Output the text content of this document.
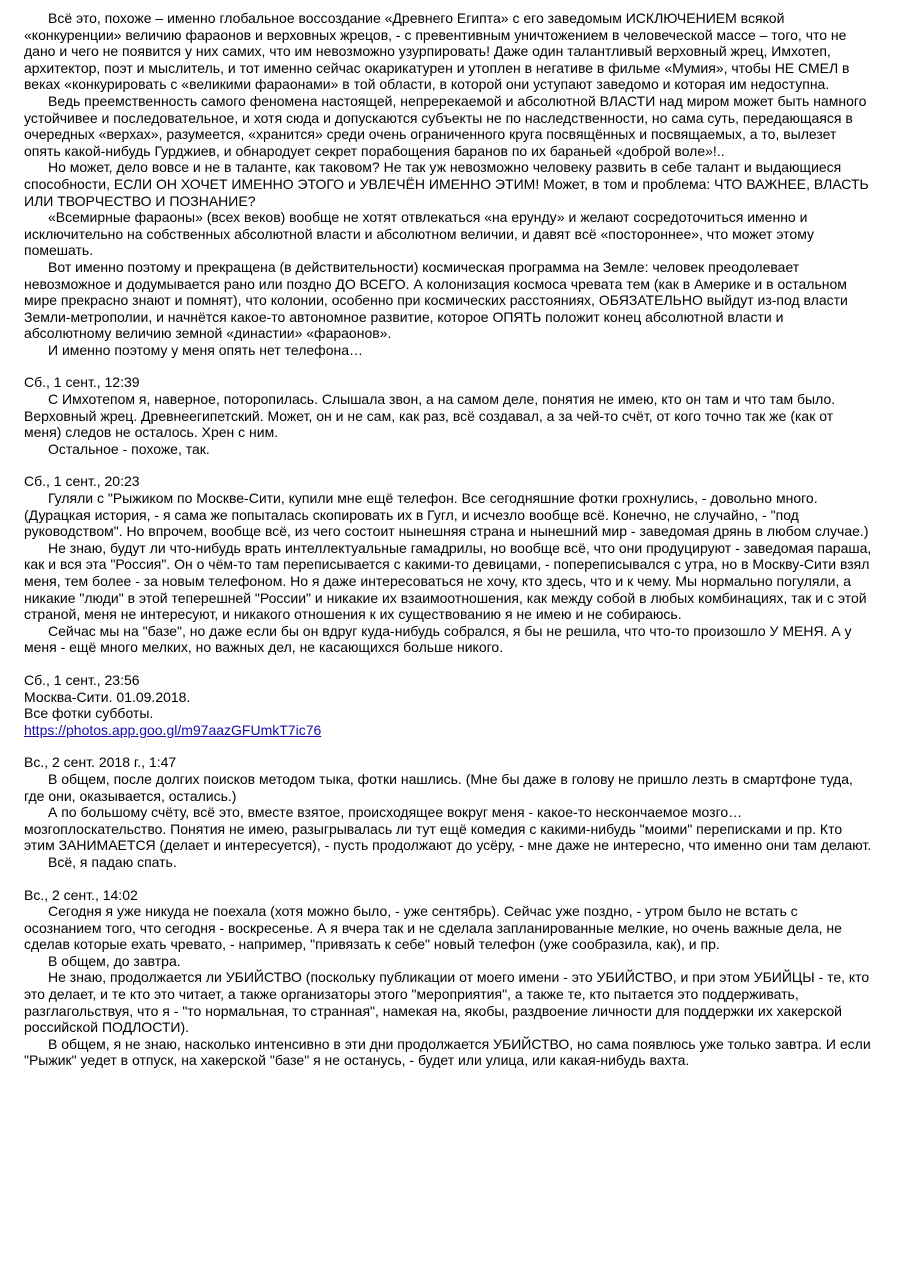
Всё это, похоже – именно глобальное воссоздание «Древнего Египта» с его заведомым ИСКЛЮЧЕНИЕМ всякой «конкуренции» величию фараонов и верховных жрецов, - с превентивным уничтожением в человеческой массе – того, что не дано и чего не появится у них самих, что им невозможно узурпировать! Даже один талантливый верховный жрец, Имхотеп, архитектор, поэт и мыслитель, и тот именно сейчас окарикатурен и утоплен в негативе в фильме «Мумия», чтобы НЕ СМЕЛ в веках «конкурировать с «великими фараонами» в той области, в которой они уступают заведомо и которая им недоступна.

Ведь преемственность самого феномена настоящей, непререкаемой и абсолютной ВЛАСТИ над миром может быть намного устойчивее и последовательное, и хотя сюда и допускаются субъекты не по наследственности, но сама суть, передающаяся в очередных «верхах», разумеется, «хранится» среди очень ограниченного круга посвящённых и посвящаемых, а то, вылезет опять какой-нибудь Гурджиев, и обнародует секрет порабощения баранов по их бараньей «доброй воле»!..

Но может, дело вовсе и не в таланте, как таковом? Не так уж невозможно человеку развить в себе талант и выдающиеся способности, ЕСЛИ ОН ХОЧЕТ ИМЕННО ЭТОГО и УВЛЕЧЁН ИМЕННО ЭТИМ! Может, в том и проблема: ЧТО ВАЖНЕЕ, ВЛАСТЬ ИЛИ ТВОРЧЕСТВО И ПОЗНАНИЕ?

«Всемирные фараоны» (всех веков) вообще не хотят отвлекаться «на ерунду» и желают сосредоточиться именно и исключительно на собственных абсолютной власти и абсолютном величии, и давят всё «постороннее», что может этому помешать.

Вот именно поэтому и прекращена (в действительности) космическая программа на Земле: человек преодолевает невозможное и додумывается рано или поздно ДО ВСЕГО. А колонизация космоса чревата тем (как в Америке и в остальном мире прекрасно знают и помнят), что колонии, особенно при космических расстояниях, ОБЯЗАТЕЛЬНО выйдут из-под власти Земли-метрополии, и начнётся какое-то автономное развитие, которое ОПЯТЬ положит конец абсолютной власти и абсолютному величию земной «династии» «фараонов».

И именно поэтому у меня опять нет телефона…

Сб., 1 сент., 12:39

С Имхотепом я, наверное, поторопилась. Слышала звон, а на самом деле, понятия не имею, кто он там и что там было. Верховный жрец. Древнеегипетский. Может, он и не сам, как раз, всё создавал, а за чей-то счёт, от кого точно так же (как от меня) следов не осталось. Хрен с ним.

Остальное - похоже, так.

Сб., 1 сент., 20:23

Гуляли с "Рыжиком по Москве-Сити, купили мне ещё телефон. Все сегодняшние фотки грохнулись, - довольно много. (Дурацкая история, - я сама же попыталась скопировать их в Гугл, и исчезло вообще всё. Конечно, не случайно, - "под руководством". Но впрочем, вообще всё, из чего состоит нынешняя страна и нынешний мир - заведомая дрянь в любом случае.)

Не знаю, будут ли что-нибудь врать интеллектуальные гамадрилы, но вообще всё, что они продуцируют - заведомая параша, как и вся эта "Россия". Он о чём-то там переписывается с какими-то девицами, - попереписывался с утра, но в Москву-Сити взял меня, тем более - за новым телефоном. Но я даже интересоваться не хочу, кто здесь, что и к чему. Мы нормально погуляли, а никакие "люди" в этой теперешней "России" и никакие их взаимоотношения, как между собой в любых комбинациях, так и с этой страной, меня не интересуют, и никакого отношения к их существованию я не имею и не собираюсь.

Сейчас мы на "базе", но даже если бы он вдруг куда-нибудь собрался, я бы не решила, что что-то произошло У МЕНЯ. А у меня - ещё много мелких, но важных дел, не касающихся больше никого.

Сб., 1 сент., 23:56

Москва-Сити. 01.09.2018.

Все фотки субботы.

https://photos.app.goo.gl/m97aazGFUmkT7ic76

Вс., 2 сент. 2018 г., 1:47

В общем, после долгих поисков методом тыка, фотки нашлись. (Мне бы даже в голову не пришло лезть в смартфоне туда, где они, оказывается, остались.)

А по большому счёту, всё это, вместе взятое, происходящее вокруг меня - какое-то нескончаемое мозго… мозгоплоскательство. Понятия не имею, разыгрывалась ли тут ещё комедия с какими-нибудь "моими" переписками и пр. Кто этим ЗАНИМАЕТСЯ (делает и интересуется), - пусть продолжают до усёру, - мне даже не интересно, что именно они там делают.

Всё, я падаю спать.

Вс., 2 сент., 14:02

Сегодня я уже никуда не поехала (хотя можно было, - уже сентябрь). Сейчас уже поздно, - утром было не встать с осознанием того, что сегодня - воскресенье. А я вчера так и не сделала запланированные мелкие, но очень важные дела, не сделав которые ехать чревато, - например, "привязать к себе" новый телефон (уже сообразила, как), и пр.

В общем, до завтра.

Не знаю, продолжается ли УБИЙСТВО (поскольку публикации от моего имени - это УБИЙСТВО, и при этом УБИЙЦЫ - те, кто это делает, и те кто это читает, а также организаторы этого "мероприятия", а также те, кто пытается это поддерживать, разглагольствуя, что я - "то нормальная, то странная", намекая на, якобы, раздвоение личности для поддержки их хакерской российской ПОДЛОСТИ).

В общем, я не знаю, насколько интенсивно в эти дни продолжается УБИЙСТВО, но сама появлюсь уже только завтра. И если "Рыжик" уедет в отпуск, на хакерской "базе" я не останусь, - будет или улица, или какая-нибудь вахта.
